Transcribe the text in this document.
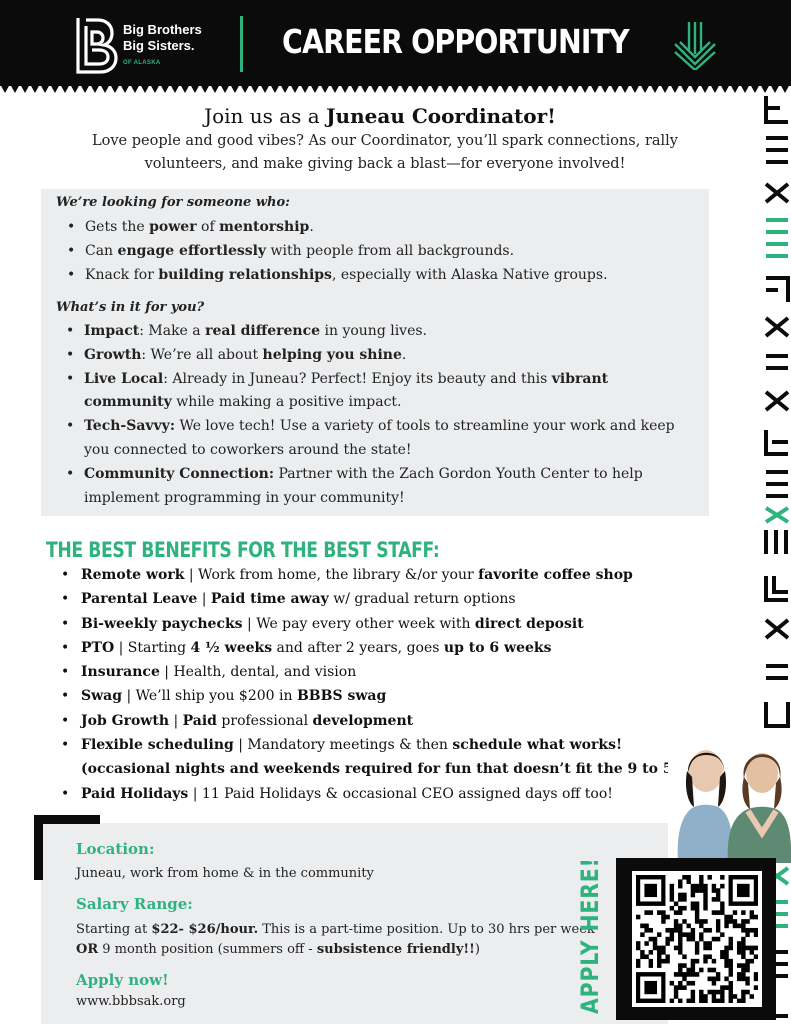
Big Brothers
Big Sisters.
OF ALASKA
CAREER OPPORTUNITY
Join us as a Juneau Coordinator!
Love people and good vibes? As our Coordinator, you’ll spark connections, rally volunteers, and make giving back a blast—for everyone involved!
We’re looking for someone who:
• Gets the power of mentorship.
• Can engage effortlessly with people from all backgrounds.
• Knack for building relationships, especially with Alaska Native groups.
What’s in it for you?
• Impact: Make a real difference in young lives.
• Growth: We’re all about helping you shine.
• Live Local: Already in Juneau? Perfect! Enjoy its beauty and this vibrant community while making a positive impact.
• Tech-Savvy: We love tech! Use a variety of tools to streamline your work and keep you connected to coworkers around the state!
• Community Connection: Partner with the Zach Gordon Youth Center to help implement programming in your community!
THE BEST BENEFITS FOR THE BEST STAFF:
• Remote work | Work from home, the library &/or your favorite coffee shop
• Parental Leave | Paid time away w/ gradual return options
• Bi-weekly paychecks | We pay every other week with direct deposit
• PTO | Starting 4 ½ weeks and after 2 years, goes up to 6 weeks
• Insurance | Health, dental, and vision
• Swag | We’ll ship you $200 in BBBS swag
• Job Growth | Paid professional development
• Flexible scheduling | Mandatory meetings & then schedule what works! (occasional nights and weekends required for fun that doesn’t fit the 9 to 5)
• Paid Holidays | 11 Paid Holidays & occasional CEO assigned days off too!
Location:
Juneau, work from home & in the community
Salary Range:
Starting at $22- $26/hour. This is a part-time position. Up to 30 hrs per week OR 9 month position (summers off - subsistence friendly!!)
Apply now!
www.bbbsak.org	APPLY HERE!
